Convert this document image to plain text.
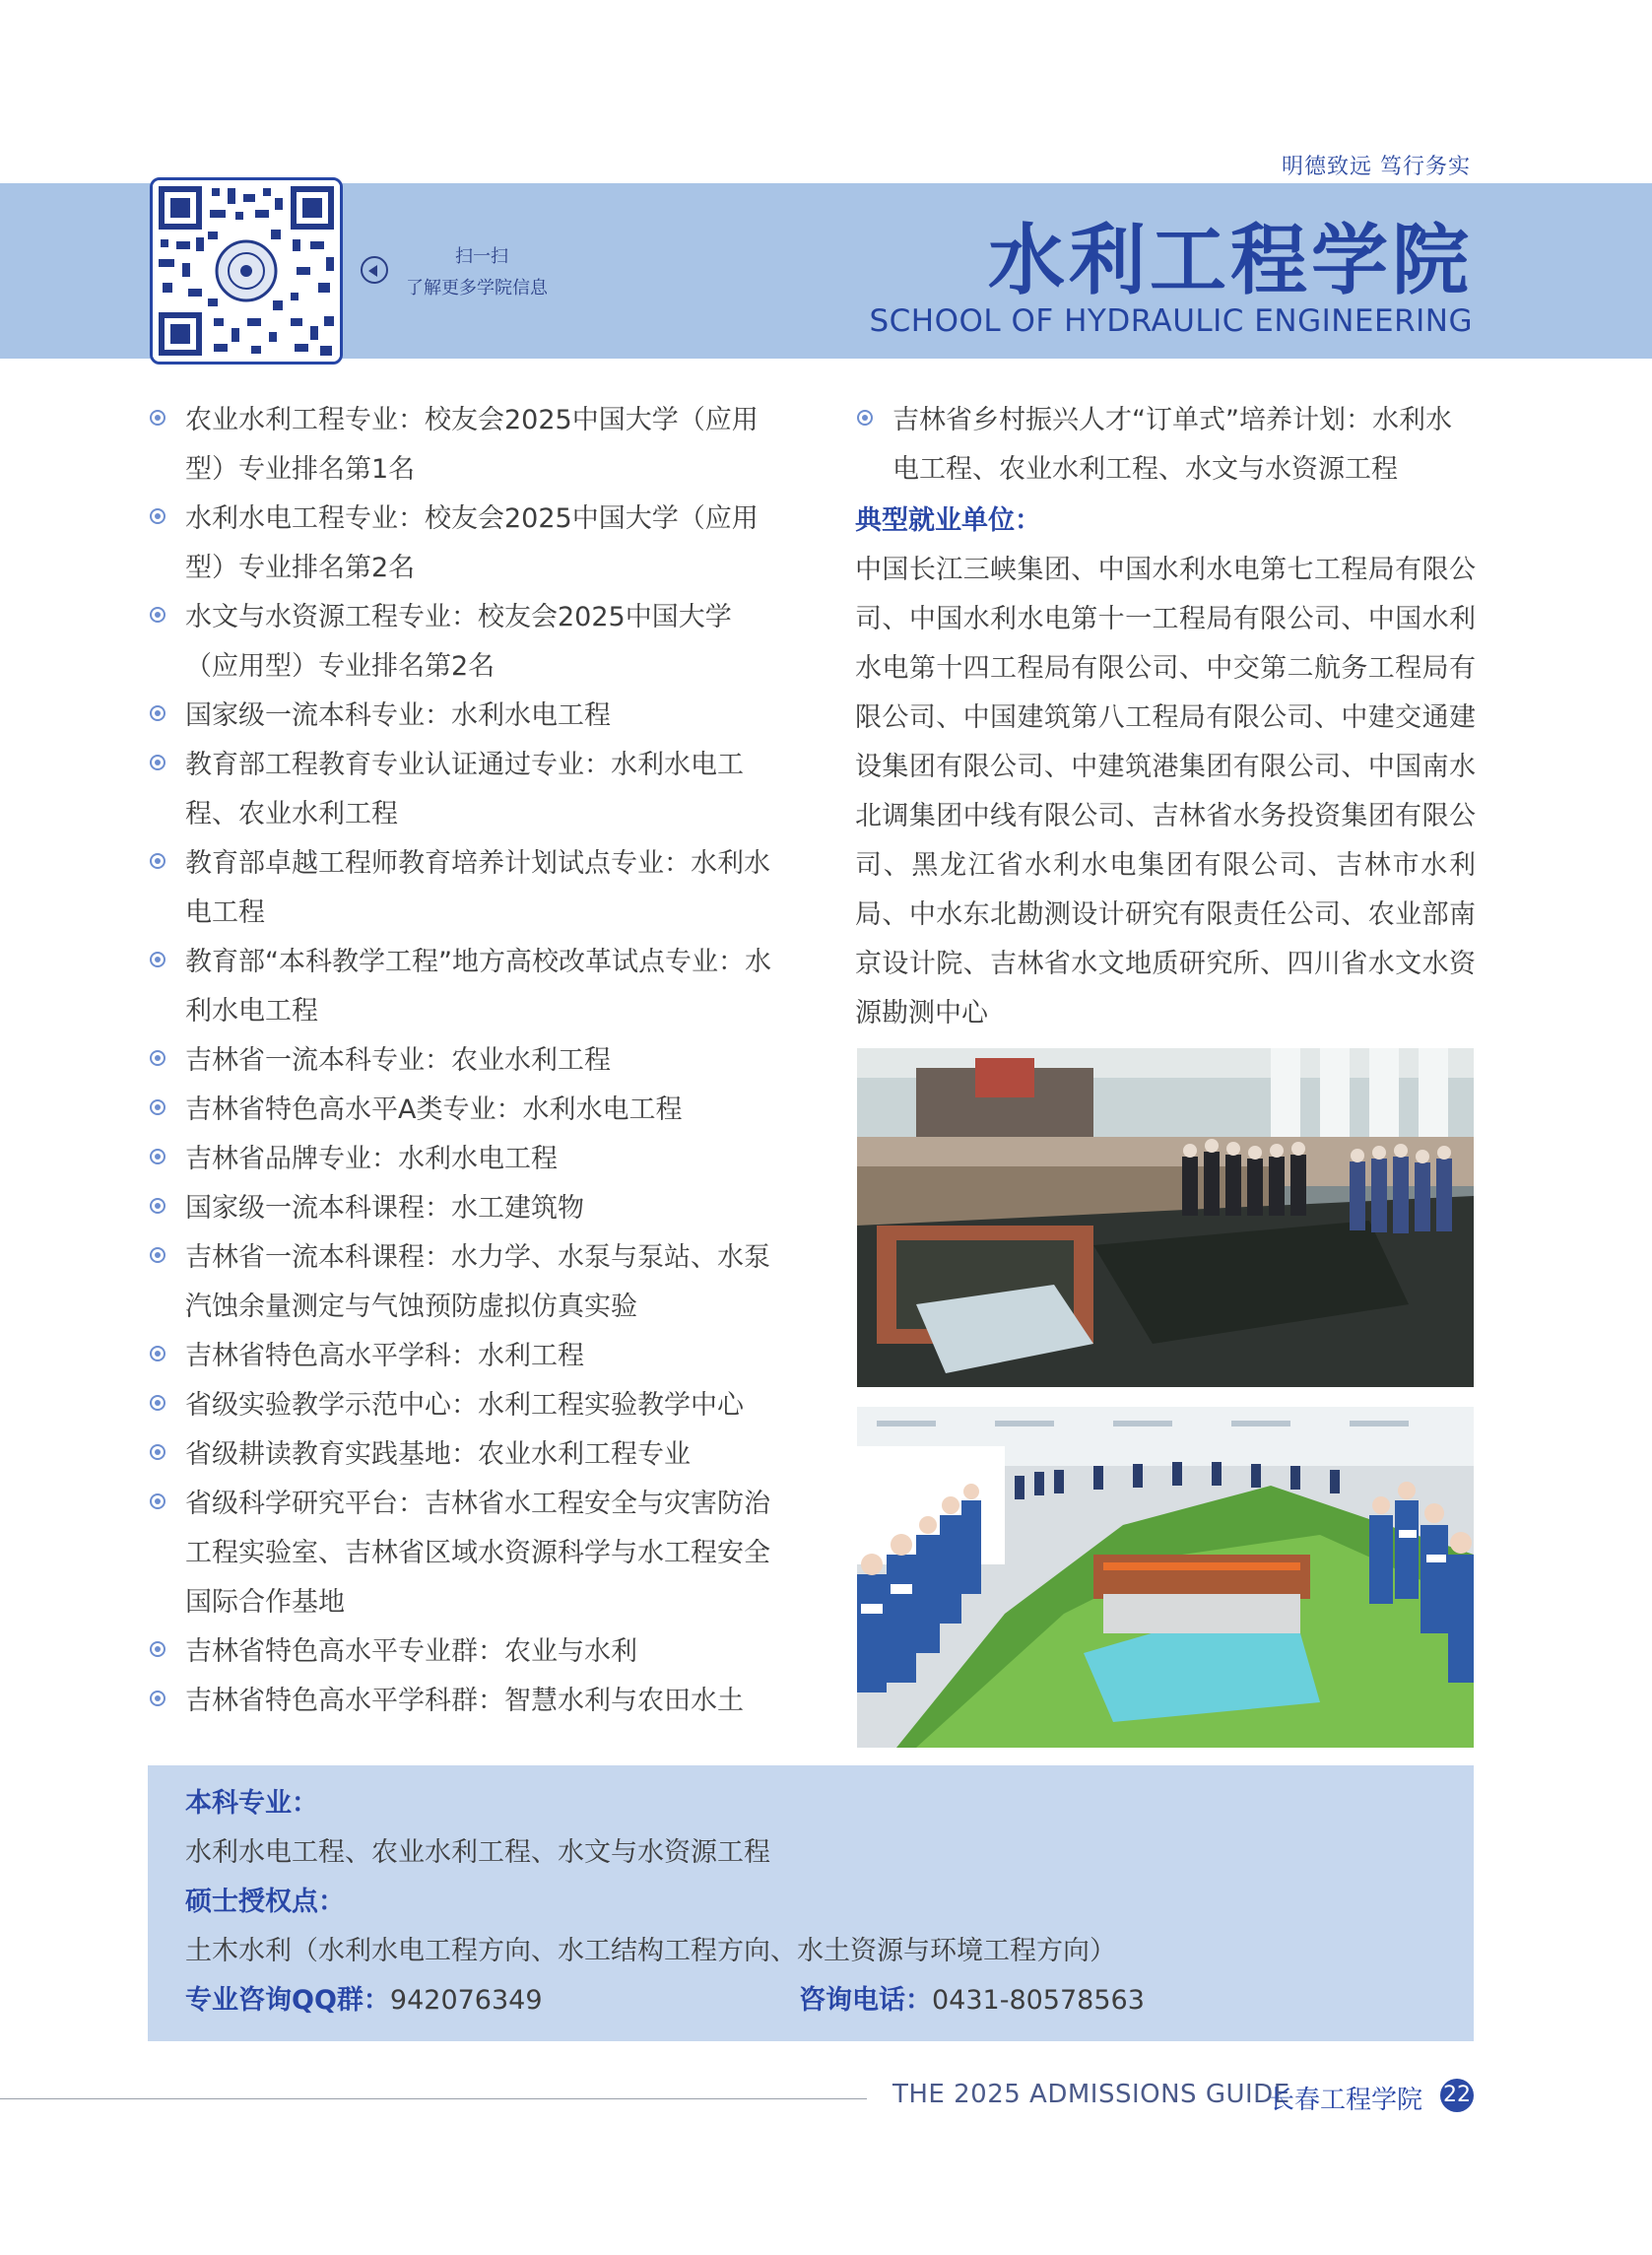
明德致远 笃行务实
扫一扫
了解更多学院信息	水利工程学院
SCHOOL OF HYDRAULIC ENGINEERING
农业水利工程专业：校友会2025中国大学（应用型）专业排名第1名
水利水电工程专业：校友会2025中国大学（应用型）专业排名第2名
水文与水资源工程专业：校友会2025中国大学（应用型）专业排名第2名
国家级一流本科专业：水利水电工程
教育部工程教育专业认证通过专业：水利水电工程、农业水利工程
教育部卓越工程师教育培养计划试点专业：水利水电工程
教育部“本科教学工程”地方高校改革试点专业：水利水电工程
吉林省一流本科专业：农业水利工程
吉林省特色高水平A类专业：水利水电工程
吉林省品牌专业：水利水电工程
国家级一流本科课程：水工建筑物
吉林省一流本科课程：水力学、水泵与泵站、水泵汽蚀余量测定与气蚀预防虚拟仿真实验
吉林省特色高水平学科：水利工程
省级实验教学示范中心：水利工程实验教学中心
省级耕读教育实践基地：农业水利工程专业
省级科学研究平台：吉林省水工程安全与灾害防治工程实验室、吉林省区域水资源科学与水工程安全国际合作基地
吉林省特色高水平专业群：农业与水利
吉林省特色高水平学科群：智慧水利与农田水土
吉林省乡村振兴人才“订单式”培养计划：水利水电工程、农业水利工程、水文与水资源工程
典型就业单位：
中国长江三峡集团、中国水利水电第七工程局有限公司、中国水利水电第十一工程局有限公司、中国水利水电第十四工程局有限公司、中交第二航务工程局有限公司、中国建筑第八工程局有限公司、中建交通建设集团有限公司、中建筑港集团有限公司、中国南水北调集团中线有限公司、吉林省水务投资集团有限公司、黑龙江省水利水电集团有限公司、吉林市水利局、中水东北勘测设计研究有限责任公司、农业部南京设计院、吉林省水文地质研究所、四川省水文水资源勘测中心
本科专业：
水利水电工程、农业水利工程、水文与水资源工程
硕士授权点：
土木水利（水利水电工程方向、水工结构工程方向、水土资源与环境工程方向）
专业咨询QQ群：942076349	咨询电话：0431-80578563
THE 2025 ADMISSIONS GUIDE
长春工程学院 22
